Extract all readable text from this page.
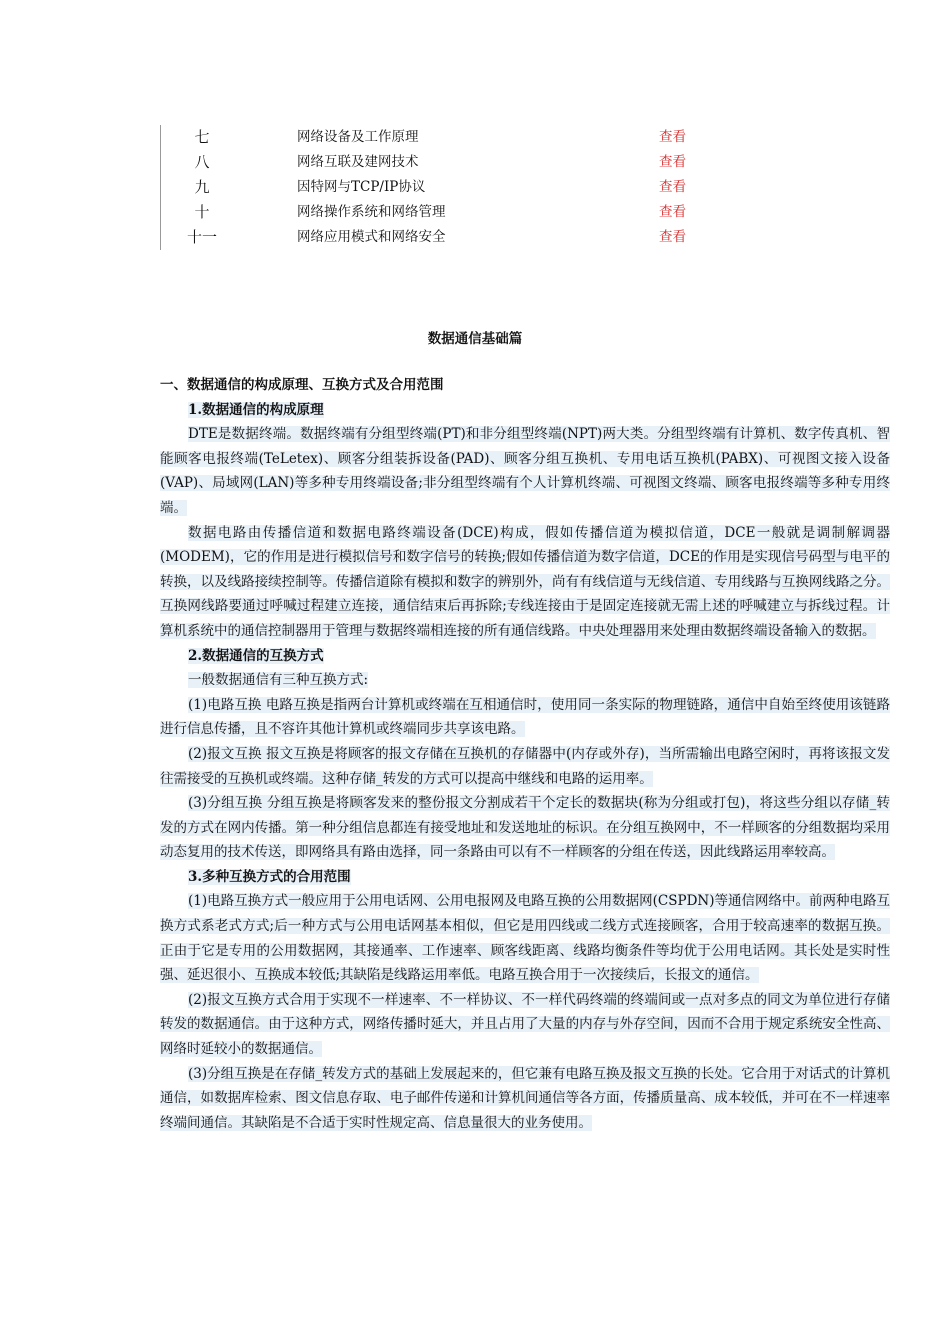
七	网络设备及工作原理	查看
八	网络互联及建网技术	查看
九	因特网与TCP/IP协议	查看
十	网络操作系统和网络管理	查看
十一	网络应用模式和网络安全	查看
数据通信基础篇
一、数据通信的构成原理、互换方式及合用范围
1.数据通信的构成原理

DTE是数据终端。数据终端有分组型终端(PT)和非分组型终端(NPT)两大类。分组型终端有计算机、数字传真机、智能顾客电报终端(TeLetex)、顾客分组装拆设备(PAD)、顾客分组互换机、专用电话互换机(PABX)、可视图文接入设备(VAP)、局域网(LAN)等多种专用终端设备;非分组型终端有个人计算机终端、可视图文终端、顾客电报终端等多种专用终端。

数据电路由传播信道和数据电路终端设备(DCE)构成，假如传播信道为模拟信道，DCE一般就是调制解调器(MODEM)，它的作用是进行模拟信号和数字信号的转换;假如传播信道为数字信道，DCE的作用是实现信号码型与电平的转换，以及线路接续控制等。传播信道除有模拟和数字的辨别外，尚有有线信道与无线信道、专用线路与互换网线路之分。互换网线路要通过呼喊过程建立连接，通信结束后再拆除;专线连接由于是固定连接就无需上述的呼喊建立与拆线过程。计算机系统中的通信控制器用于管理与数据终端相连接的所有通信线路。中央处理器用来处理由数据终端设备输入的数据。

2.数据通信的互换方式

一般数据通信有三种互换方式:

(1)电路互换 电路互换是指两台计算机或终端在互相通信时，使用同一条实际的物理链路，通信中自始至终使用该链路进行信息传播，且不容许其他计算机或终端同步共享该电路。

(2)报文互换 报文互换是将顾客的报文存储在互换机的存储器中(内存或外存)，当所需输出电路空闲时，再将该报文发往需接受的互换机或终端。这种存储_转发的方式可以提高中继线和电路的运用率。

(3)分组互换 分组互换是将顾客发来的整份报文分割成若干个定长的数据块(称为分组或打包)，将这些分组以存储_转发的方式在网内传播。第一种分组信息都连有接受地址和发送地址的标识。在分组互换网中，不一样顾客的分组数据均采用动态复用的技术传送，即网络具有路由选择，同一条路由可以有不一样顾客的分组在传送，因此线路运用率较高。

3.多种互换方式的合用范围

(1)电路互换方式一般应用于公用电话网、公用电报网及电路互换的公用数据网(CSPDN)等通信网络中。前两种电路互换方式系老式方式;后一种方式与公用电话网基本相似，但它是用四线或二线方式连接顾客，合用于较高速率的数据互换。正由于它是专用的公用数据网，其接通率、工作速率、顾客线距离、线路均衡条件等均优于公用电话网。其长处是实时性强、延迟很小、互换成本较低;其缺陷是线路运用率低。电路互换合用于一次接续后，长报文的通信。

(2)报文互换方式合用于实现不一样速率、不一样协议、不一样代码终端的终端间或一点对多点的同文为单位进行存储转发的数据通信。由于这种方式，网络传播时延大，并且占用了大量的内存与外存空间，因而不合用于规定系统安全性高、网络时延较小的数据通信。

(3)分组互换是在存储_转发方式的基础上发展起来的，但它兼有电路互换及报文互换的长处。它合用于对话式的计算机通信，如数据库检索、图文信息存取、电子邮件传递和计算机间通信等各方面，传播质量高、成本较低，并可在不一样速率终端间通信。其缺陷是不合适于实时性规定高、信息量很大的业务使用。
